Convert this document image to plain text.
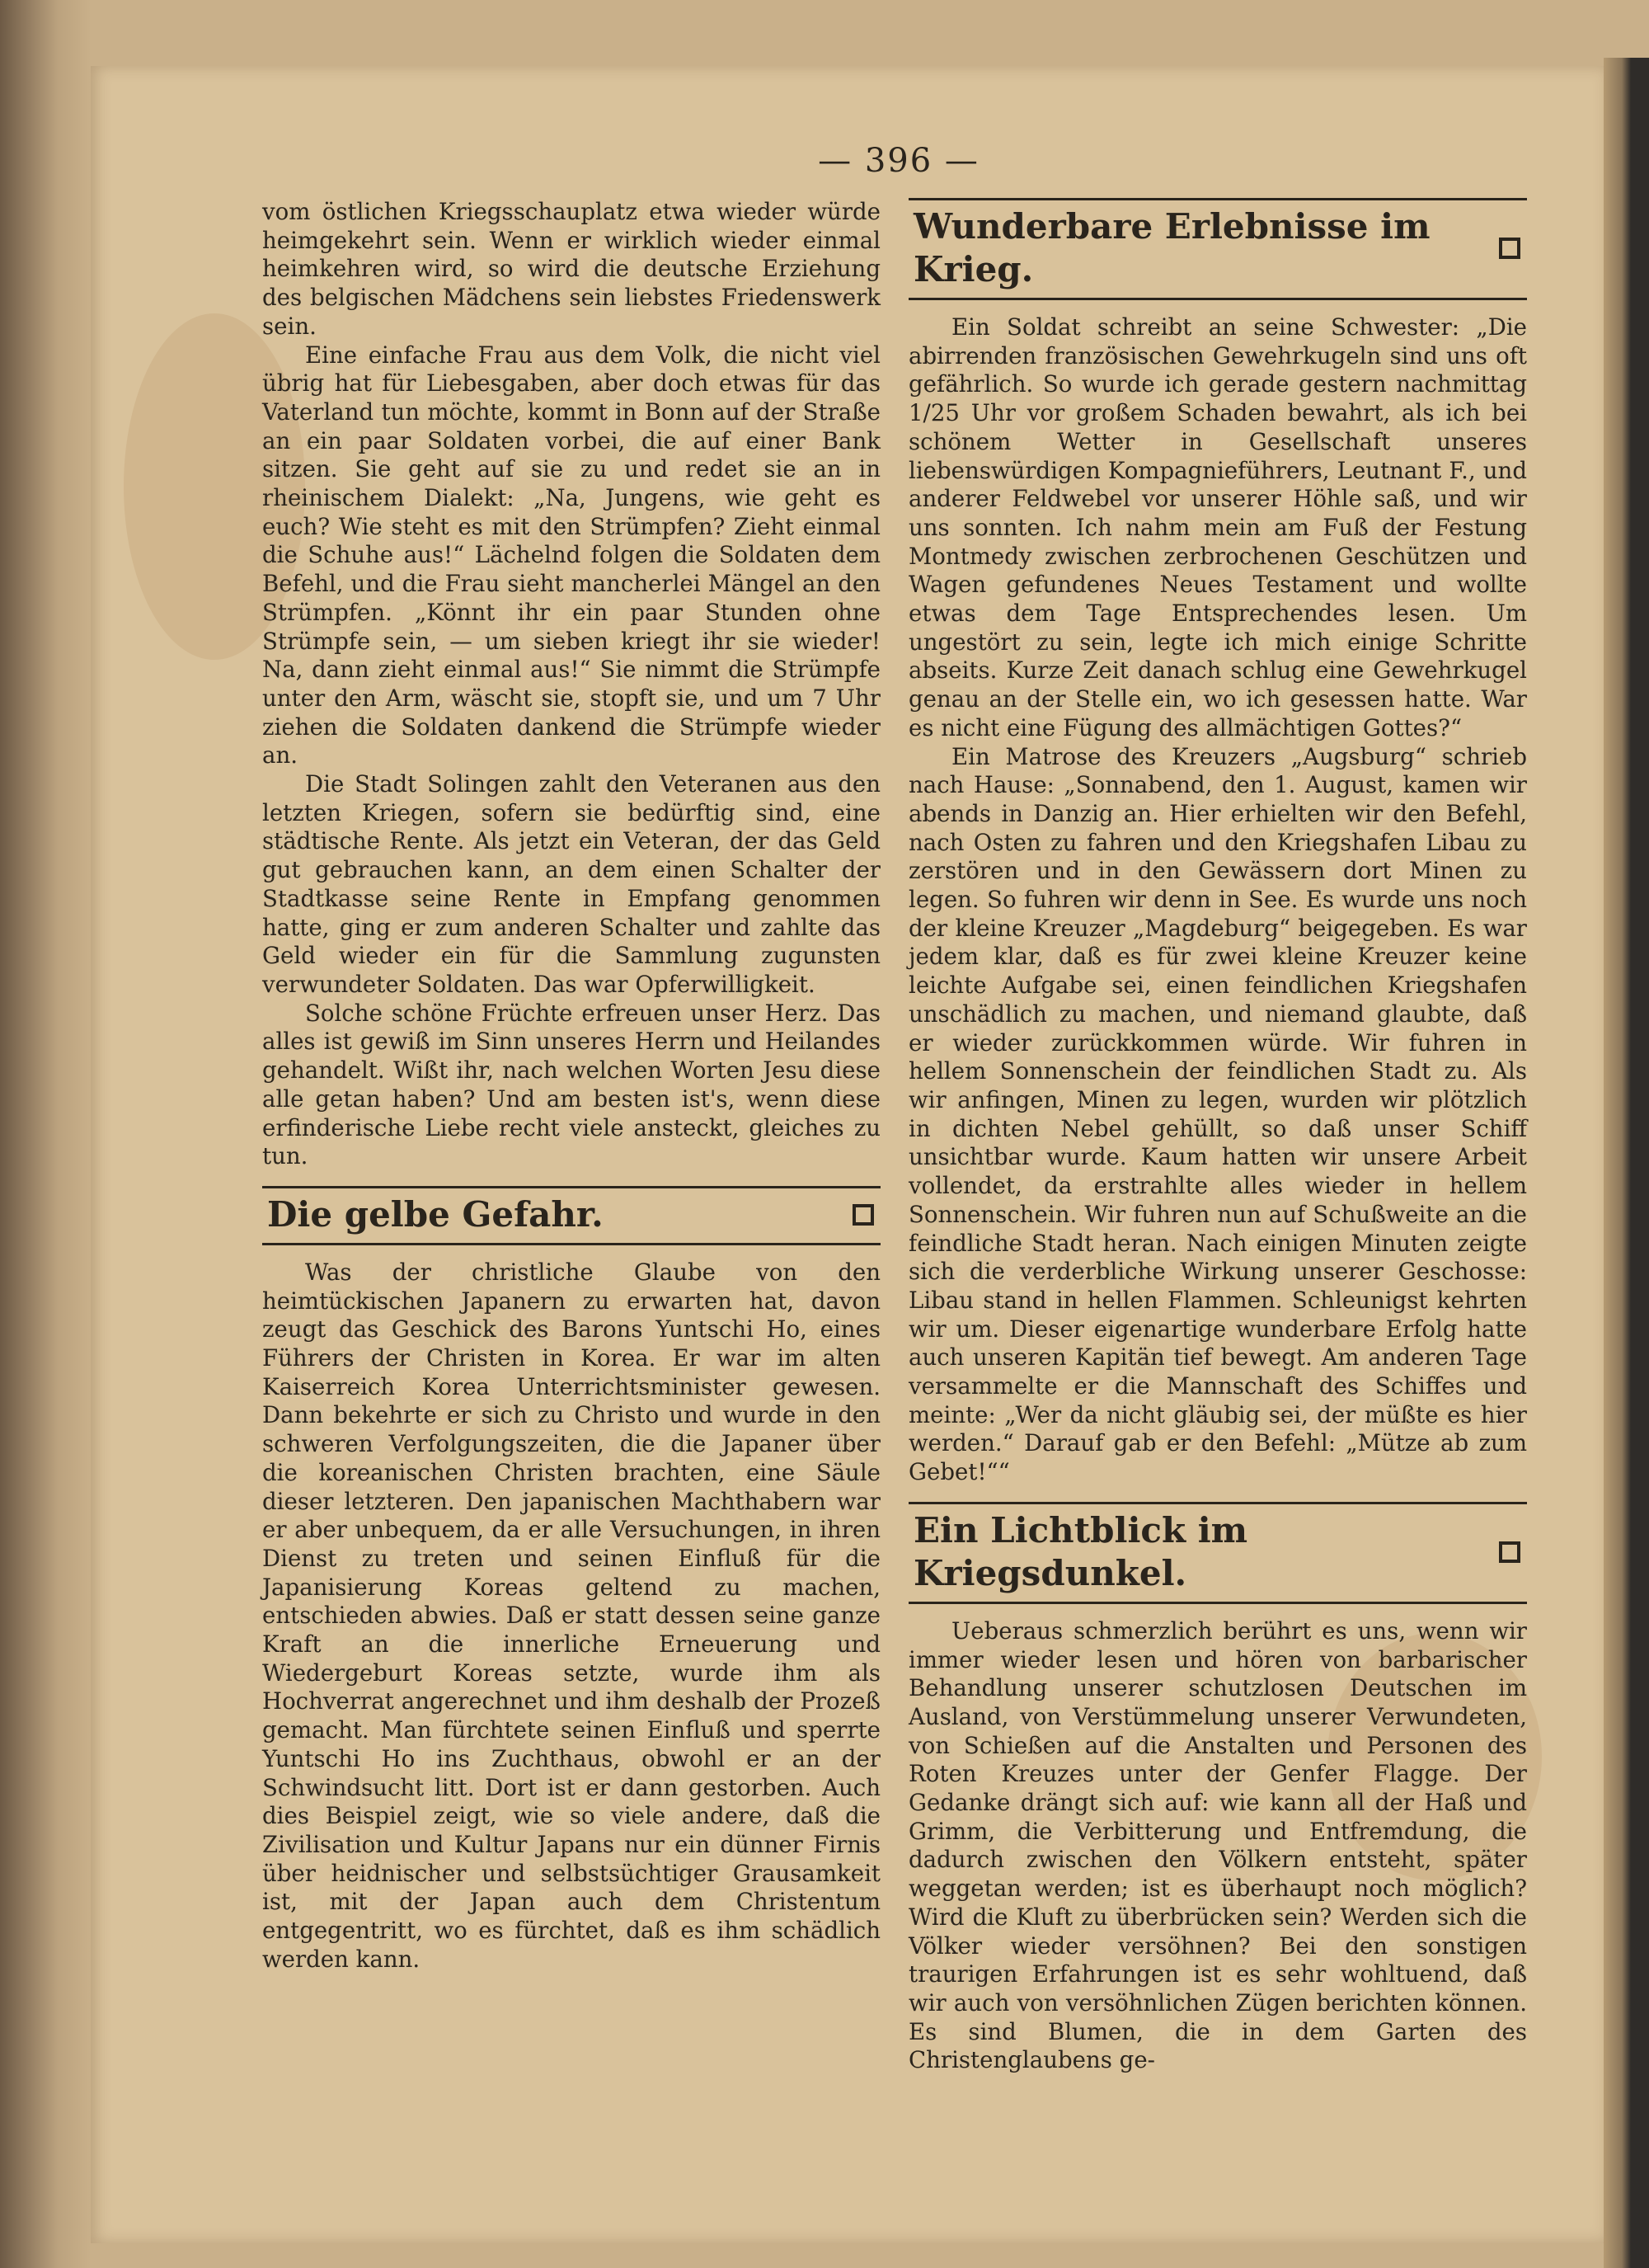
— 396 —

vom östlichen Kriegsschauplatz etwa wieder würde heimgekehrt sein. Wenn er wirklich wieder einmal heimkehren wird, so wird die deutsche Erziehung des belgischen Mädchens sein liebstes Friedenswerk sein.

Eine einfache Frau aus dem Volk, die nicht viel übrig hat für Liebesgaben, aber doch etwas für das Vaterland tun möchte, kommt in Bonn auf der Straße an ein paar Soldaten vorbei, die auf einer Bank sitzen. Sie geht auf sie zu und redet sie an in rheinischem Dialekt: „Na, Jungens, wie geht es euch? Wie steht es mit den Strümpfen? Zieht einmal die Schuhe aus!“ Lächelnd folgen die Soldaten dem Befehl, und die Frau sieht mancherlei Mängel an den Strümpfen. „Könnt ihr ein paar Stunden ohne Strümpfe sein, — um sieben kriegt ihr sie wieder! Na, dann zieht einmal aus!“ Sie nimmt die Strümpfe unter den Arm, wäscht sie, stopft sie, und um 7 Uhr ziehen die Soldaten dankend die Strümpfe wieder an.

Die Stadt Solingen zahlt den Veteranen aus den letzten Kriegen, sofern sie bedürftig sind, eine städtische Rente. Als jetzt ein Veteran, der das Geld gut gebrauchen kann, an dem einen Schalter der Stadtkasse seine Rente in Empfang genommen hatte, ging er zum anderen Schalter und zahlte das Geld wieder ein für die Sammlung zugunsten verwundeter Soldaten. Das war Opferwilligkeit.

Solche schöne Früchte erfreuen unser Herz. Das alles ist gewiß im Sinn unseres Herrn und Heilandes gehandelt. Wißt ihr, nach welchen Worten Jesu diese alle getan haben? Und am besten ist's, wenn diese erfinderische Liebe recht viele ansteckt, gleiches zu tun.

Die gelbe Gefahr.

Was der christliche Glaube von den heimtückischen Japanern zu erwarten hat, davon zeugt das Geschick des Barons Yuntschi Ho, eines Führers der Christen in Korea. Er war im alten Kaiserreich Korea Unterrichtsminister gewesen. Dann bekehrte er sich zu Christo und wurde in den schweren Verfolgungszeiten, die die Japaner über die koreanischen Christen brachten, eine Säule dieser letzteren. Den japanischen Machthabern war er aber unbequem, da er alle Versuchungen, in ihren Dienst zu treten und seinen Einfluß für die Japanisierung Koreas geltend zu machen, entschieden abwies. Daß er statt dessen seine ganze Kraft an die innerliche Erneuerung und Wiedergeburt Koreas setzte, wurde ihm als Hochverrat angerechnet und ihm deshalb der Prozeß gemacht. Man fürchtete seinen Einfluß und sperrte Yuntschi Ho ins Zuchthaus, obwohl er an der Schwindsucht litt. Dort ist er dann gestorben. Auch dies Beispiel zeigt, wie so viele andere, daß die Zivilisation und Kultur Japans nur ein dünner Firnis über heidnischer und selbstsüchtiger Grausamkeit ist, mit der Japan auch dem Christentum entgegentritt, wo es fürchtet, daß es ihm schädlich werden kann.

Wunderbare Erlebnisse im Krieg.

Ein Soldat schreibt an seine Schwester: „Die abirrenden französischen Gewehrkugeln sind uns oft gefährlich. So wurde ich gerade gestern nachmittag 1/25 Uhr vor großem Schaden bewahrt, als ich bei schönem Wetter in Gesellschaft unseres liebenswürdigen Kompagnieführers, Leutnant F., und anderer Feldwebel vor unserer Höhle saß, und wir uns sonnten. Ich nahm mein am Fuß der Festung Montmedy zwischen zerbrochenen Geschützen und Wagen gefundenes Neues Testament und wollte etwas dem Tage Entsprechendes lesen. Um ungestört zu sein, legte ich mich einige Schritte abseits. Kurze Zeit danach schlug eine Gewehrkugel genau an der Stelle ein, wo ich gesessen hatte. War es nicht eine Fügung des allmächtigen Gottes?“

Ein Matrose des Kreuzers „Augsburg“ schrieb nach Hause: „Sonnabend, den 1. August, kamen wir abends in Danzig an. Hier erhielten wir den Befehl, nach Osten zu fahren und den Kriegshafen Libau zu zerstören und in den Gewässern dort Minen zu legen. So fuhren wir denn in See. Es wurde uns noch der kleine Kreuzer „Magdeburg“ beigegeben. Es war jedem klar, daß es für zwei kleine Kreuzer keine leichte Aufgabe sei, einen feindlichen Kriegshafen unschädlich zu machen, und niemand glaubte, daß er wieder zurückkommen würde. Wir fuhren in hellem Sonnenschein der feindlichen Stadt zu. Als wir anfingen, Minen zu legen, wurden wir plötzlich in dichten Nebel gehüllt, so daß unser Schiff unsichtbar wurde. Kaum hatten wir unsere Arbeit vollendet, da erstrahlte alles wieder in hellem Sonnenschein. Wir fuhren nun auf Schußweite an die feindliche Stadt heran. Nach einigen Minuten zeigte sich die verderbliche Wirkung unserer Geschosse: Libau stand in hellen Flammen. Schleunigst kehrten wir um. Dieser eigenartige wunderbare Erfolg hatte auch unseren Kapitän tief bewegt. Am anderen Tage versammelte er die Mannschaft des Schiffes und meinte: „Wer da nicht gläubig sei, der müßte es hier werden.“ Darauf gab er den Befehl: „Mütze ab zum Gebet!““

Ein Lichtblick im Kriegsdunkel.

Ueberaus schmerzlich berührt es uns, wenn wir immer wieder lesen und hören von barbarischer Behandlung unserer schutzlosen Deutschen im Ausland, von Verstümmelung unserer Verwundeten, von Schießen auf die Anstalten und Personen des Roten Kreuzes unter der Genfer Flagge. Der Gedanke drängt sich auf: wie kann all der Haß und Grimm, die Verbitterung und Entfremdung, die dadurch zwischen den Völkern entsteht, später weggetan werden; ist es überhaupt noch möglich? Wird die Kluft zu überbrücken sein? Werden sich die Völker wieder versöhnen? Bei den sonstigen traurigen Erfahrungen ist es sehr wohltuend, daß wir auch von versöhnlichen Zügen berichten können. Es sind Blumen, die in dem Garten des Christenglaubens ge-
